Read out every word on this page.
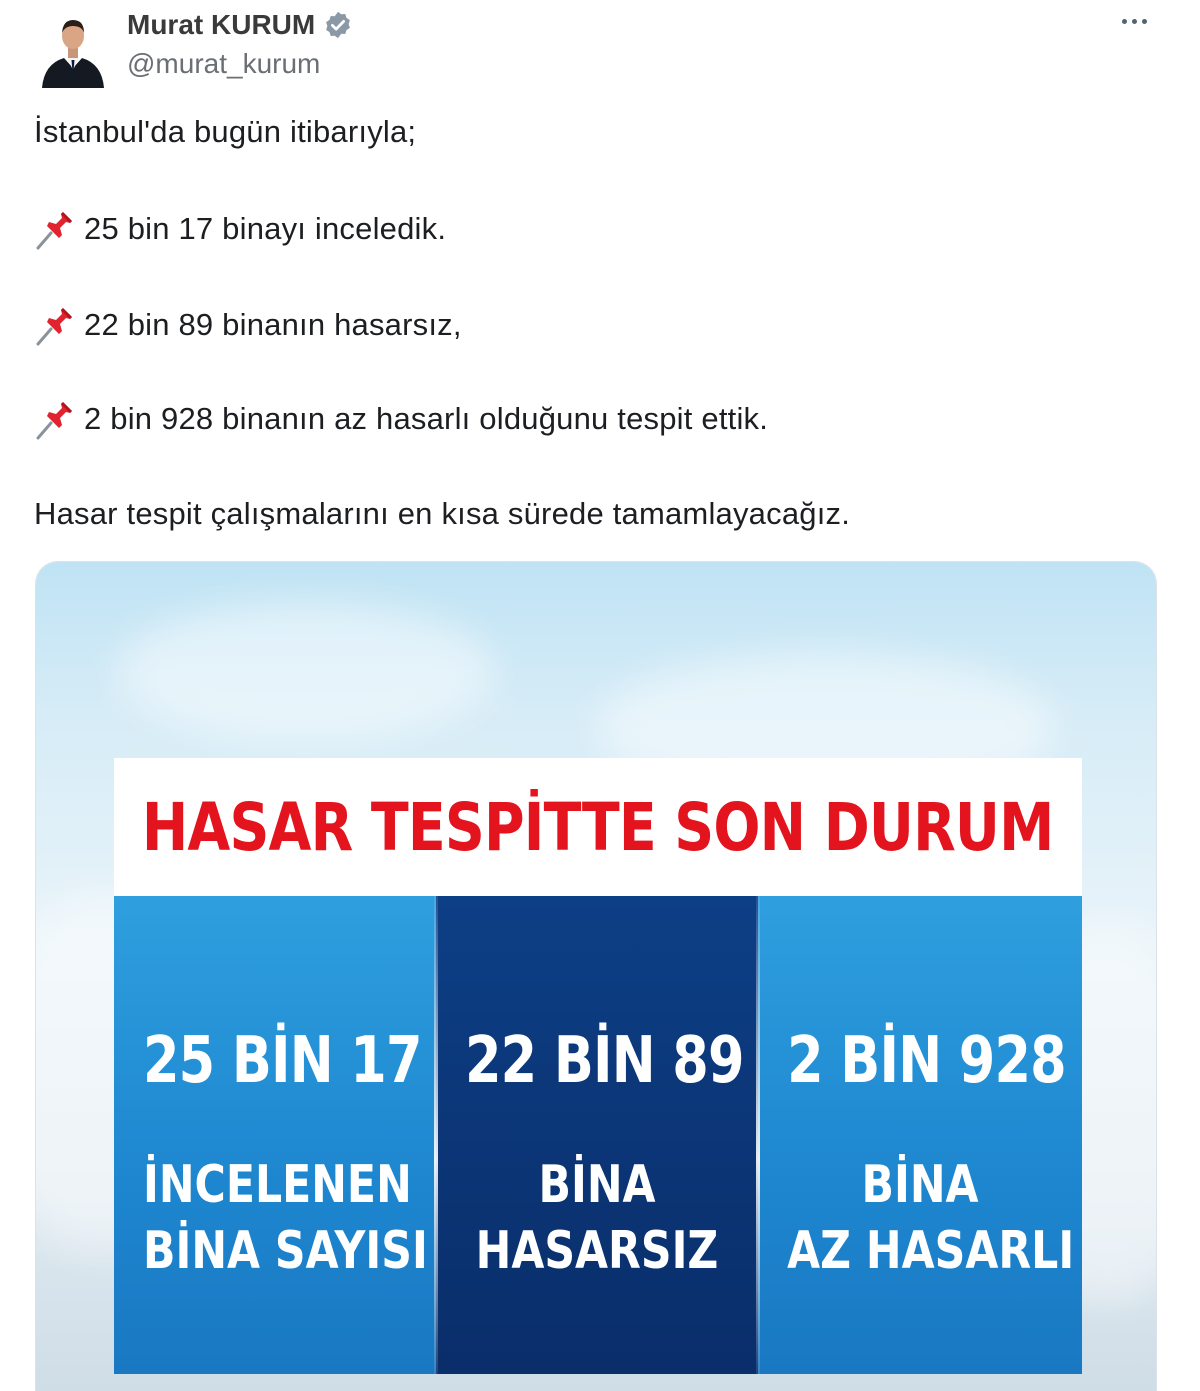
Murat KURUM
@murat_kurum
İstanbul'da bugün itibarıyla;
25 bin 17 binayı inceledik.
22 bin 89 binanın hasarsız,
2 bin 928 binanın az hasarlı olduğunu tespit ettik.
Hasar tespit çalışmalarını en kısa sürede tamamlayacağız.
HASAR TESPİTTE SON DURUM
25 BİN 17
İNCELENEN
BİNA SAYISI
22 BİN 89
BİNA
HASARSIZ
2 BİN 928
BİNA
AZ HASARLI
